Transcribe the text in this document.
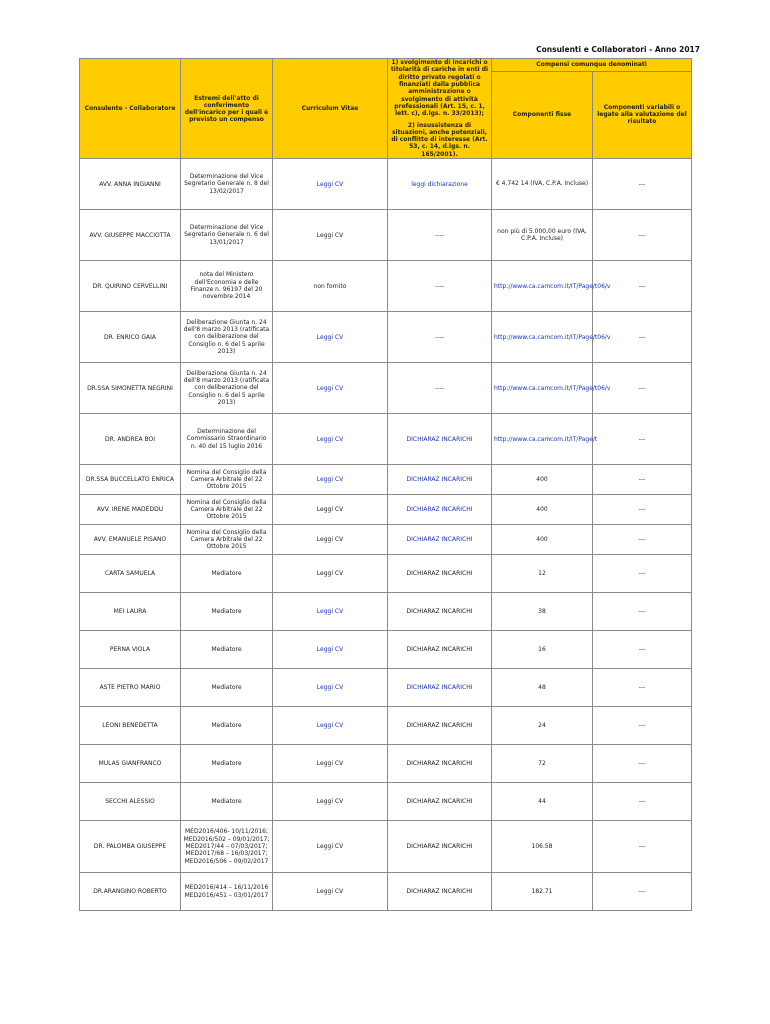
Consulenti e Collaboratori - Anno 2017
Consulente - Collaboratore	Estremi dell'atto di conferimento dell'incarico per i quali è previsto un compenso	Curriculum Vitae	1) svolgimento di incarichi o titolarità di cariche in enti di diritto privato regolati o finanziati dalla pubblica amministrazione o svolgimento di attività professionali (Art. 15, c. 1, lett. c), d.lgs. n. 33/2013);
2) insussistenza di situazioni, anche potenziali, di conflitto di interesse (Art. 53, c. 14, d.lgs. n. 165/2001).	Compensi comunque denominati	
				Componenti fisse	Componenti variabili o legate alla valutazione del risultato
AVV. ANNA INGIANNI	Determinazione del Vice Segretario Generale n. 8 del 13/02/2017	Leggi CV	leggi dichiarazione	€ 4.742 14 (IVA, C.P.A. Incluse)	---
AVV. GIUSEPPE MACCIOTTA	Determinazione del Vice Segretario Generale n. 6 del 13/01/2017	Leggi CV	----	non più di 5.000,00 euro (IVA, C.P.A. Incluse)	---
DR. QUIRINO CERVELLINI	nota del Ministero dell'Economia e delle Finanze n. 96197 del 20 novembre 2014	non fornito	----	http://www.ca.camcom.it/IT/Page/t06/v	---
DR. ENRICO GAIA	Deliberazione Giunta n. 24 dell'8 marzo 2013 (ratificata con deliberazione del Consiglio n. 6 del 5 aprile 2013)	Leggi CV	----	http://www.ca.camcom.it/IT/Page/t06/v	---
DR.SSA SIMONETTA NEGRINI	Deliberazione Giunta n. 24 dell'8 marzo 2013 (ratificata con deliberazione del Consiglio n. 6 del 5 aprile 2013)	Leggi CV	----	http://www.ca.camcom.it/IT/Page/t06/v	---
DR. ANDREA BOI	Determinazione del Commissario Straordinario n. 40 del 15 luglio 2016	Leggi CV	DICHIARAZ INCARICHI	http://www.ca.camcom.it/IT/Page/t	---
DR.SSA BUCCELLATO ENRICA	Nomina del Consiglio della Camera Arbitrale del 22 Ottobre 2015	Leggi CV	DICHIARAZ INCARICHI	400	---
AVV. IRENE MADEDDU	Nomina del Consiglio della Camera Arbitrale del 22 Ottobre 2015	Leggi CV	DICHIARAZ INCARICHI	400	---
AVV. EMANUELE PISANO	Nomina del Consiglio della Camera Arbitrale del 22 Ottobre 2015	Leggi CV	DICHIARAZ INCARICHI	400	---
CARTA SAMUELA	Mediatore	Leggi CV	DICHIARAZ INCARICHI	12	---
MEI LAURA	Mediatore	Leggi CV	DICHIARAZ INCARICHI	38	---
PERNA VIOLA	Mediatore	Leggi CV	DICHIARAZ INCARICHI	16	---
ASTE PIETRO MARIO	Mediatore	Leggi CV	DICHIARAZ INCARICHI	48	---
LEONI BENEDETTA	Mediatore	Leggi CV	DICHIARAZ INCARICHI	24	---
MULAS GIANFRANCO	Mediatore	Leggi CV	DICHIARAZ INCARICHI	72	---
SECCHI ALESSIO	Mediatore	Leggi CV	DICHIARAZ INCARICHI	44	---
DR. PALOMBA GIUSEPPE	MED2016/406- 10/11/2016; MED2016/502 – 09/01/2017; MED2017/44 – 07/03/2017; MED2017/68 – 16/03/2017; MED2016/506 – 09/02/2017	Leggi CV	DICHIARAZ INCARICHI	106.58	---
DR.ARANGINO ROBERTO	MED2016/414 – 16/11/2016 MED2016/451 – 03/01/2017	Leggi CV	DICHIARAZ INCARICHI	182.71	---
